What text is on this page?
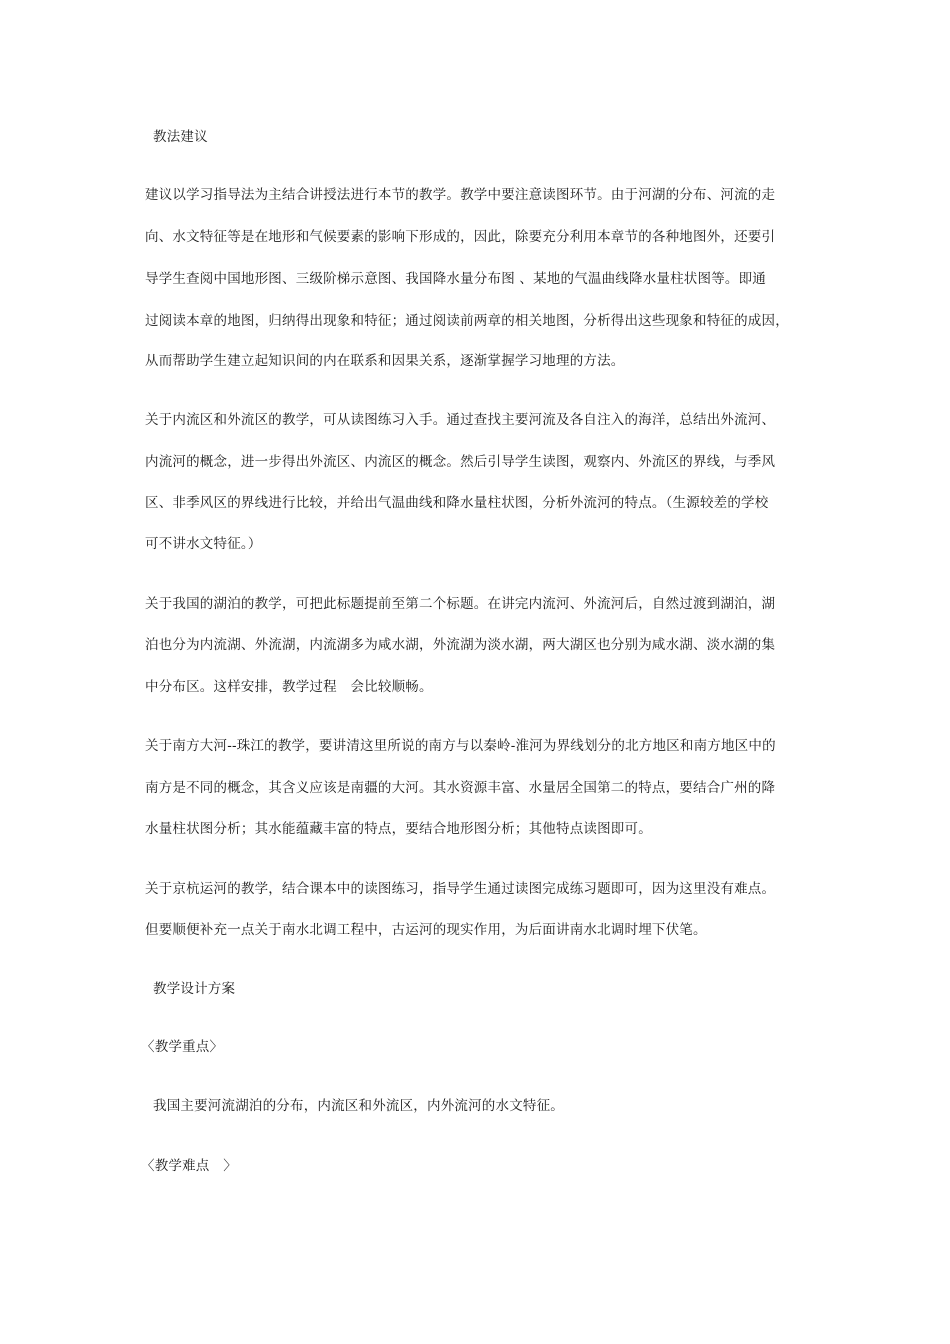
教法建议
建议以学习指导法为主结合讲授法进行本节的教学。教学中要注意读图环节。由于河湖的分布、河流的走
向、水文特征等是在地形和气候要素的影响下形成的，因此，除要充分利用本章节的各种地图外，还要引
导学生查阅中国地形图、三级阶梯示意图、我国降水量分布图 、某地的气温曲线降水量柱状图等。即通
过阅读本章的地图，归纳得出现象和特征；通过阅读前两章的相关地图，分析得出这些现象和特征的成因，
从而帮助学生建立起知识间的内在联系和因果关系，逐渐掌握学习地理的方法。
关于内流区和外流区的教学，可从读图练习入手。通过查找主要河流及各自注入的海洋，总结出外流河、
内流河的概念，进一步得出外流区、内流区的概念。然后引导学生读图，观察内、外流区的界线，与季风
区、非季风区的界线进行比较，并给出气温曲线和降水量柱状图，分析外流河的特点。（生源较差的学校
可不讲水文特征。）
关于我国的湖泊的教学，可把此标题提前至第二个标题。在讲完内流河、外流河后，自然过渡到湖泊，湖
泊也分为内流湖、外流湖，内流湖多为咸水湖，外流湖为淡水湖，两大湖区也分别为咸水湖、淡水湖的集
中分布区。这样安排，教学过程　会比较顺畅。
关于南方大河--珠江的教学，要讲清这里所说的南方与以秦岭-淮河为界线划分的北方地区和南方地区中的
南方是不同的概念，其含义应该是南疆的大河。其水资源丰富、水量居全国第二的特点，要结合广州的降
水量柱状图分析；其水能蕴藏丰富的特点，要结合地形图分析；其他特点读图即可。
关于京杭运河的教学，结合课本中的读图练习，指导学生通过读图完成练习题即可，因为这里没有难点。
但要顺便补充一点关于南水北调工程中，古运河的现实作用，为后面讲南水北调时埋下伏笔。
教学设计方案
〈教学重点〉
我国主要河流湖泊的分布，内流区和外流区，内外流河的水文特征。
〈教学难点　〉
